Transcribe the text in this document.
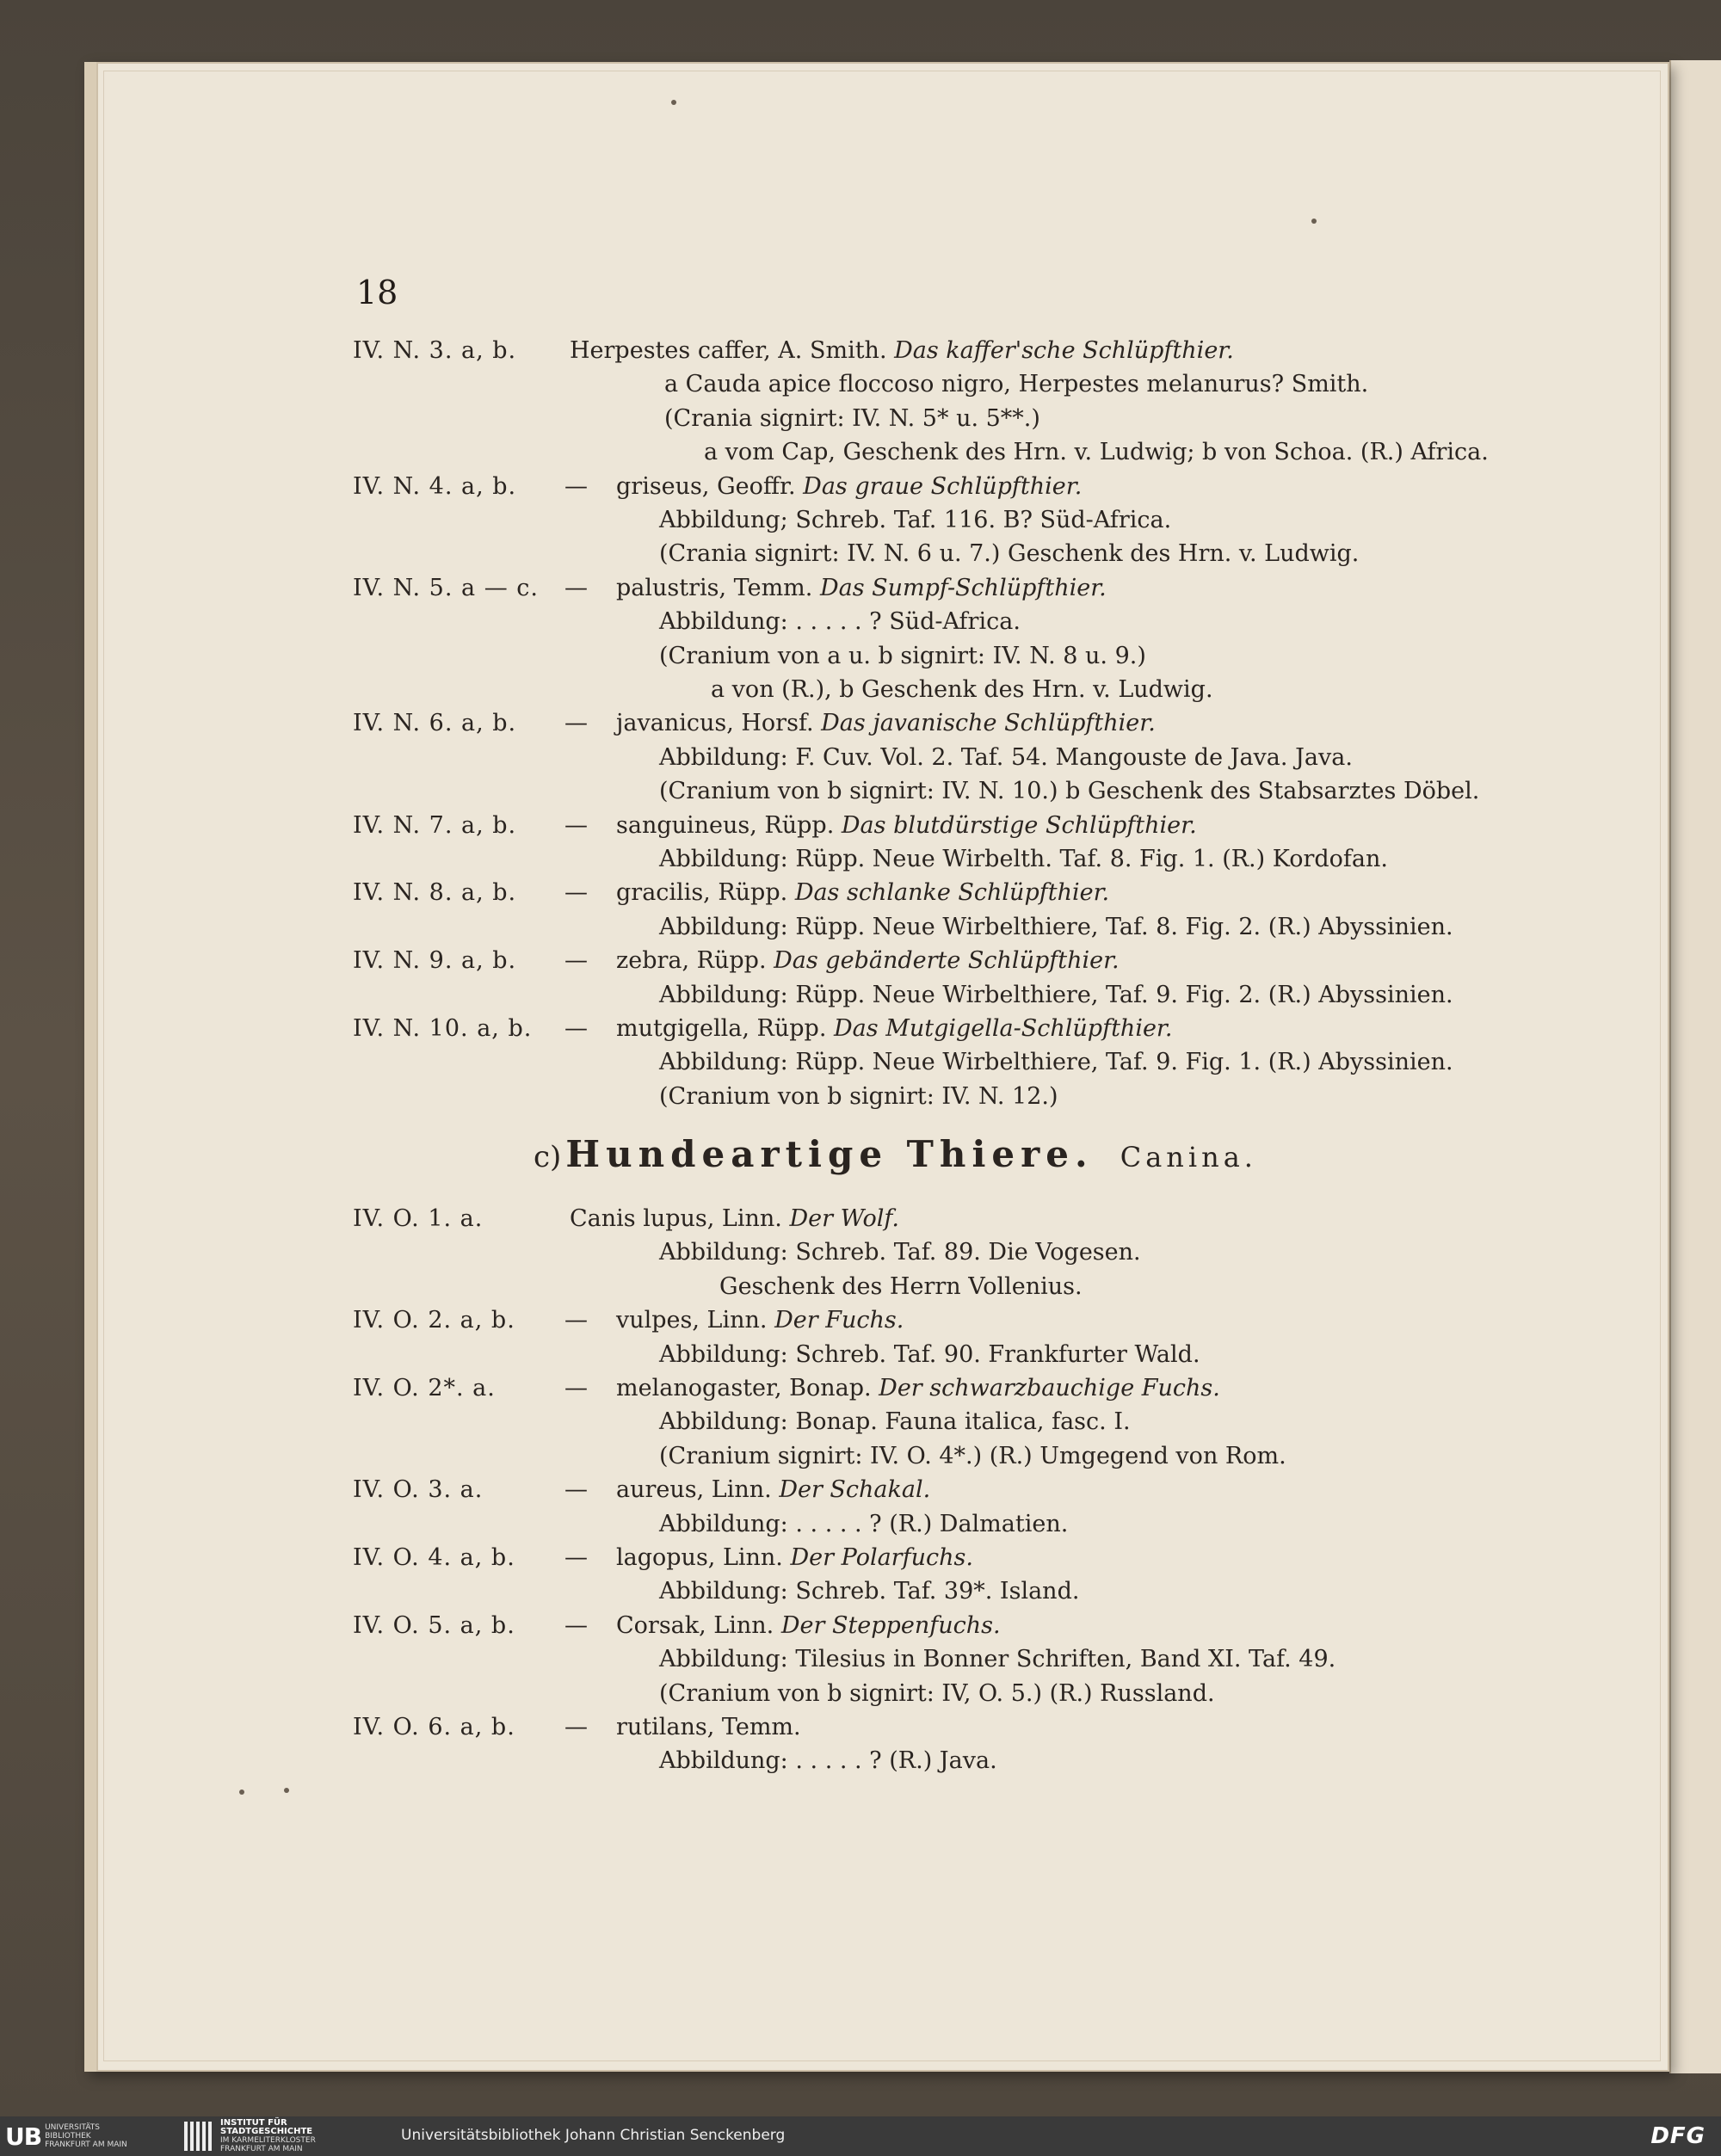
18
c) Hundeartige Thiere. Canina.
UB UNIVERSITÄTS
BIBLIOTHEK
FRANKFURT AM MAIN
INSTITUT FÜR
STADTGESCHICHTE
IM KARMELITERKLOSTER
FRANKFURT AM MAIN
Universitätsbibliothek Johann Christian Senckenberg	DFG
IV. N. 3. a, b. Herpestes caffer, A. Smith. Das kaffer'sche Schlüpfthier.
a Cauda apice floccoso nigro, Herpestes melanurus? Smith.
(Crania signirt: IV. N. 5* u. 5**.)
a vom Cap, Geschenk des Hrn. v. Ludwig; b von Schoa. (R.) Africa.
IV. N. 4. a, b. — griseus, Geoffr. Das graue Schlüpfthier.
Abbildung; Schreb. Taf. 116. B? Süd-Africa.
(Crania signirt: IV. N. 6 u. 7.) Geschenk des Hrn. v. Ludwig.
IV. N. 5. a — c. — palustris, Temm. Das Sumpf-Schlüpfthier.
Abbildung: . . . . . ? Süd-Africa.
(Cranium von a u. b signirt: IV. N. 8 u. 9.)
a von (R.), b Geschenk des Hrn. v. Ludwig.
IV. N. 6. a, b. — javanicus, Horsf. Das javanische Schlüpfthier.
Abbildung: F. Cuv. Vol. 2. Taf. 54. Mangouste de Java. Java.
(Cranium von b signirt: IV. N. 10.) b Geschenk des Stabsarztes Döbel.
IV. N. 7. a, b. — sanguineus, Rüpp. Das blutdürstige Schlüpfthier.
Abbildung: Rüpp. Neue Wirbelth. Taf. 8. Fig. 1. (R.) Kordofan.
IV. N. 8. a, b. — gracilis, Rüpp. Das schlanke Schlüpfthier.
Abbildung: Rüpp. Neue Wirbelthiere, Taf. 8. Fig. 2. (R.) Abyssinien.
IV. N. 9. a, b. — zebra, Rüpp. Das gebänderte Schlüpfthier.
Abbildung: Rüpp. Neue Wirbelthiere, Taf. 9. Fig. 2. (R.) Abyssinien.
IV. N. 10. a, b. — mutgigella, Rüpp. Das Mutgigella-Schlüpfthier.
Abbildung: Rüpp. Neue Wirbelthiere, Taf. 9. Fig. 1. (R.) Abyssinien.
(Cranium von b signirt: IV. N. 12.)
IV. O. 1. a.	Canis lupus, Linn. Der Wolf.
Abbildung: Schreb. Taf. 89. Die Vogesen.
Geschenk des Herrn Vollenius.
IV. O. 2. a, b. — vulpes, Linn. Der Fuchs.
Abbildung: Schreb. Taf. 90. Frankfurter Wald.
IV. O. 2*. a.	— melanogaster, Bonap. Der schwarzbauchige Fuchs.
Abbildung: Bonap. Fauna italica, fasc. I.
(Cranium signirt: IV. O. 4*.) (R.) Umgegend von Rom.
IV. O. 3. a.	— aureus, Linn. Der Schakal.
Abbildung: . . . . . ? (R.) Dalmatien.
IV. O. 4. a, b. — lagopus, Linn. Der Polarfuchs.
Abbildung: Schreb. Taf. 39*. Island.
IV. O. 5. a, b. — Corsak, Linn. Der Steppenfuchs.
Abbildung: Tilesius in Bonner Schriften, Band XI. Taf. 49.
(Cranium von b signirt: IV, O. 5.) (R.) Russland.
IV. O. 6. a, b. — rutilans, Temm.
Abbildung: . . . . . ? (R.) Java.
